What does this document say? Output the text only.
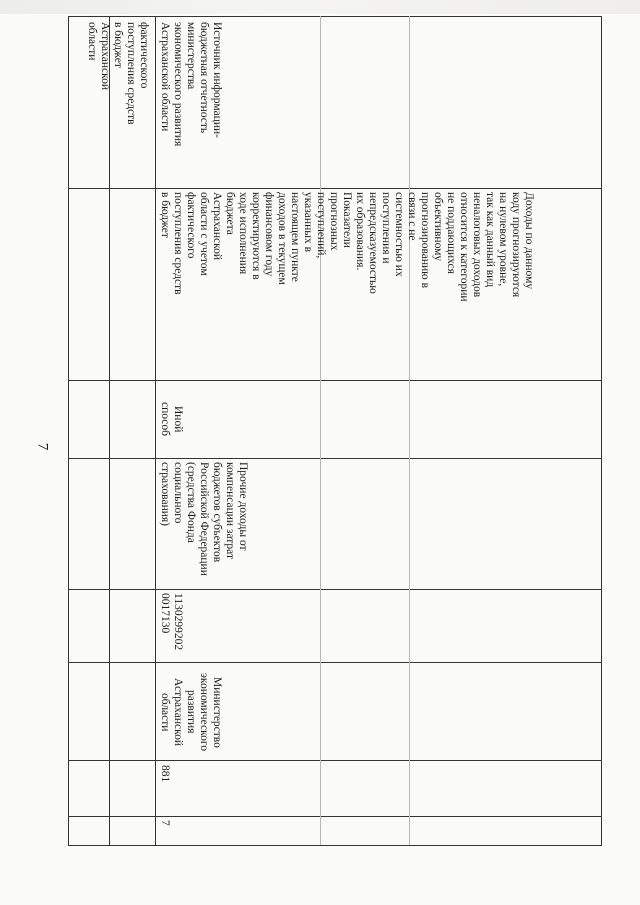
7
фактического
поступления средств
в бюджет
Астраханской
области
7
881
Министерство
экономического
развития
Астраханской
области
1130299202
0017130
Прочие доходы от
компенсации затрат
бюджетов субъектов
Российской Федерации
(средства Фонда
социального
страхования)
Иной
способ
Доходы по данному
коду прогнозируются
на нулевом уровне,
так как данный вид
неналоговых доходов
относится к категории
не поддающихся
объективному
прогнозированию в
связи с не
системностью их
поступления и
непредсказуемостью
их образования.
Показатели
прогнозных
поступлений,
указанных в
настоящем пункте
доходов в текущем
финансовом году
корректируются в
ходе исполнения
бюджета
Астраханской
области с учетом
фактического
поступления средств
в бюджет
Источник информации-
бюджетная отчетность
министерства
экономического развития
Астраханской области
